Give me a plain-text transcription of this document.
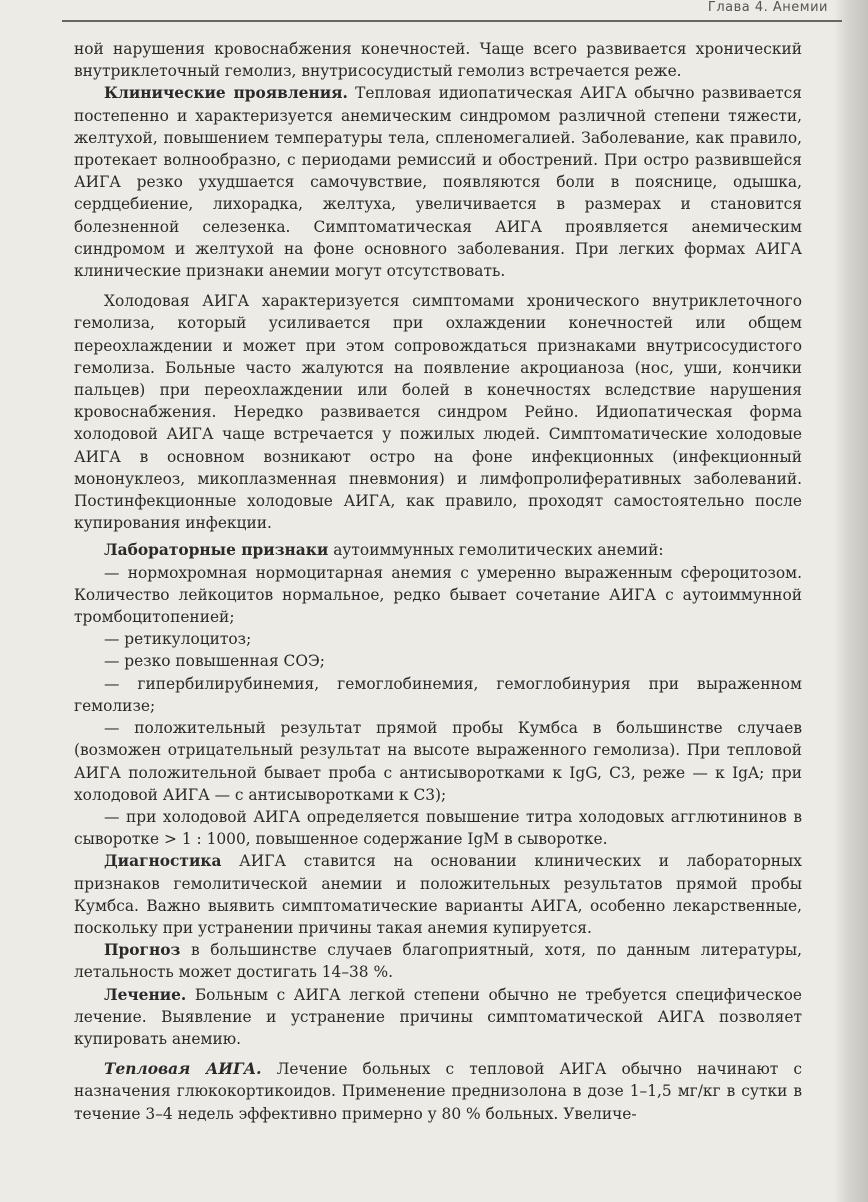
Глава 4. Анемии

ной нарушения кровоснабжения конечностей. Чаще всего развивается хронический внутриклеточный гемолиз, внутрисосудистый гемолиз встречается реже.

Клинические проявления. Тепловая идиопатическая АИГА обычно развивается постепенно и характеризуется анемическим синдромом различной степени тяжести, желтухой, повышением температуры тела, спленомегалией. Заболевание, как правило, протекает волнообразно, с периодами ремиссий и обострений. При остро развившейся АИГА резко ухудшается самочувствие, появляются боли в пояснице, одышка, сердцебиение, лихорадка, желтуха, увеличивается в размерах и становится болезненной селезенка. Симптоматическая АИГА проявляется анемическим синдромом и желтухой на фоне основного заболевания. При легких формах АИГА клинические признаки анемии могут отсутствовать.

Холодовая АИГА характеризуется симптомами хронического внутриклеточного гемолиза, который усиливается при охлаждении конечностей или общем переохлаждении и может при этом сопровождаться признаками внутрисосудистого гемолиза. Больные часто жалуются на появление акроцианоза (нос, уши, кончики пальцев) при переохлаждении или болей в конечностях вследствие нарушения кровоснабжения. Нередко развивается синдром Рейно. Идиопатическая форма холодовой АИГА чаще встречается у пожилых людей. Симптоматические холодовые АИГА в основном возникают остро на фоне инфекционных (инфекционный мононуклеоз, микоплазменная пневмония) и лимфопролиферативных заболеваний. Постинфекционные холодовые АИГА, как правило, проходят самостоятельно после купирования инфекции.

Лабораторные признаки аутоиммунных гемолитических анемий:

— нормохромная нормоцитарная анемия с умеренно выраженным сфероцитозом. Количество лейкоцитов нормальное, редко бывает сочетание АИГА с аутоиммунной тромбоцитопенией;

— ретикулоцитоз;

— резко повышенная СОЭ;

— гипербилирубинемия, гемоглобинемия, гемоглобинурия при выраженном гемолизе;

— положительный результат прямой пробы Кумбса в большинстве случаев (возможен отрицательный результат на высоте выраженного гемолиза). При тепловой АИГА положительной бывает проба с антисыворотками к IgG, C3, реже — к IgA; при холодовой АИГА — с антисыворотками к C3);

— при холодовой АИГА определяется повышение титра холодовых агглютининов в сыворотке > 1 : 1000, повышенное содержание IgM в сыворотке.

Диагностика АИГА ставится на основании клинических и лабораторных признаков гемолитической анемии и положительных результатов прямой пробы Кумбса. Важно выявить симптоматические варианты АИГА, особенно лекарственные, поскольку при устранении причины такая анемия купируется.

Прогноз в большинстве случаев благоприятный, хотя, по данным литературы, летальность может достигать 14–38 %.

Лечение. Больным с АИГА легкой степени обычно не требуется специфическое лечение. Выявление и устранение причины симптоматической АИГА позволяет купировать анемию.

Тепловая АИГА. Лечение больных с тепловой АИГА обычно начинают с назначения глюкокортикоидов. Применение преднизолона в дозе 1–1,5 мг/кг в сутки в течение 3–4 недель эффективно примерно у 80 % больных. Увеличе-
